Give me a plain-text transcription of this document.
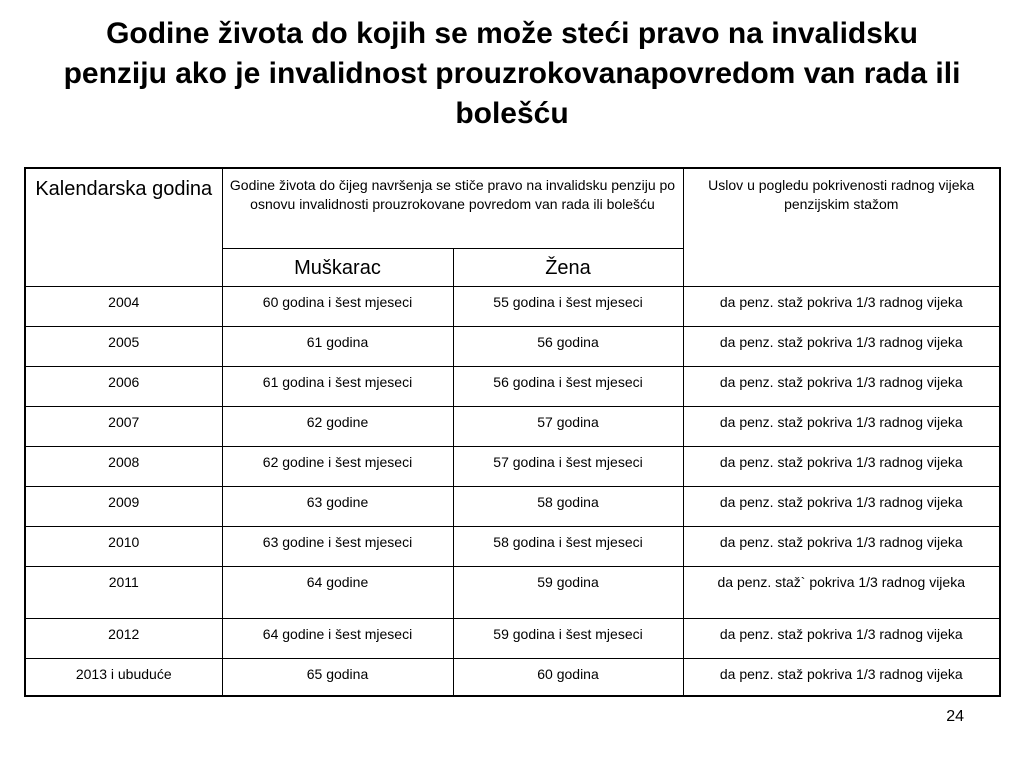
Godine života do kojih se može steći pravo na invalidsku penziju ako je invalidnost prouzrokovanapovredom van rada ili bolešću
Kalendarska godina	Godine života do čijeg navršenja se stiče pravo na invalidsku penziju po osnovu invalidnosti prouzrokovane povredom van rada ili bolešću		Uslov u pogledu pokrivenosti radnog vijeka penzijskim stažom
	Muškarac	Žena	
2004	60 godina i šest mjeseci	55 godina i šest mjeseci	da penz. staž pokriva 1/3 radnog vijeka
2005	61 godina	56 godina	da penz. staž pokriva 1/3 radnog vijeka
2006	61 godina i šest mjeseci	56 godina i šest mjeseci	da penz. staž pokriva 1/3 radnog vijeka
2007	62 godine	57 godina	da penz. staž pokriva 1/3 radnog vijeka
2008	62 godine i šest mjeseci	57 godina i šest mjeseci	da penz. staž pokriva 1/3 radnog vijeka
2009	63 godine	58 godina	da penz. staž pokriva 1/3 radnog vijeka
2010	63 godine i šest mjeseci	58 godina i šest mjeseci	da penz. staž pokriva 1/3 radnog vijeka
2011	64 godine	59 godina	da penz. staž` pokriva 1/3 radnog vijeka
2012	64 godine i šest mjeseci	59 godina i šest mjeseci	da penz. staž pokriva 1/3 radnog vijeka
2013 i ubuduće	65 godina	60 godina	da penz. staž pokriva 1/3 radnog vijeka
24
